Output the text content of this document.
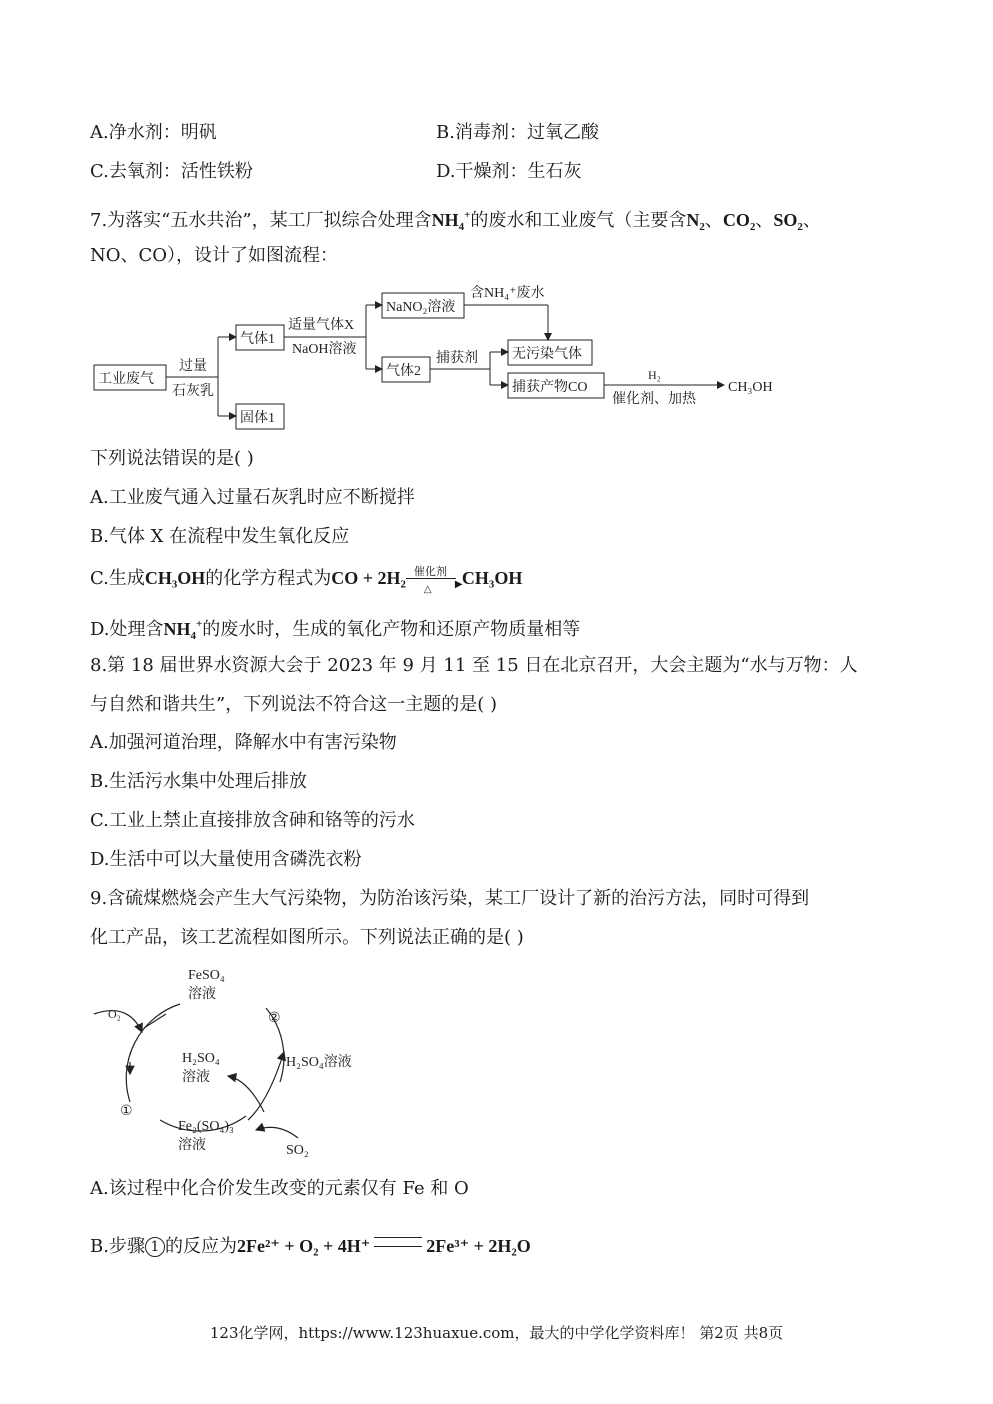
A.净水剂：明矾	B.消毒剂：过氧乙酸
C.去氧剂：活性铁粉	D.干燥剂：生石灰
7.为落实“五水共治”，某工厂拟综合处理含$NH_4^+$的废水和工业废气（主要含$N_2$、$CO_2$、$SO_2$、
NO、CO），设计了如图流程：
工业废气
过量
石灰乳
气体1
固体1
适量气体X
NaOH溶液
NaNO₂溶液
含NH₄⁺废水
气体2
捕获剂 无污染气体
捕获产物CO
H₂
催化剂、加热
CH₃OH
下列说法错误的是( )
A.工业废气通入过量石灰乳时应不断搅拌
B.气体 X 在流程中发生氧化反应
C.生成CH₃OH的化学方程式为CO + 2H₂ 催化剂
▶
△
CH₃OH
D.处理含$NH_4^+$的废水时，生成的氧化产物和还原产物质量相等
8.第 18 届世界水资源大会于 2023 年 9 月 11 至 15 日在北京召开，大会主题为“水与万物：人
与自然和谐共生”，下列说法不符合这一主题的是( )
A.加强河道治理，降解水中有害污染物
B.生活污水集中处理后排放
C.工业上禁止直接排放含砷和铬等的污水
D.生活中可以大量使用含磷洗衣粉
9.含硫煤燃烧会产生大气污染物，为防治该污染，某工厂设计了新的治污方法，同时可得到
化工产品，该工艺流程如图所示。下列说法正确的是( )
FeSO₄
溶液
O₂	②
H₂SO₄
溶液
H₂SO₄溶液
①
Fe₂(SO₄)₃
溶液	SO₂
A.该过程中化合价发生改变的元素仅有 Fe 和 O
B.步骤 1 的反应为2Fe²⁺ + O₂ + 4H⁺	2Fe³⁺ + 2H₂O
123化学网，https://www.123huaxue.com，最大的中学化学资料库！ 第2页 共8页
